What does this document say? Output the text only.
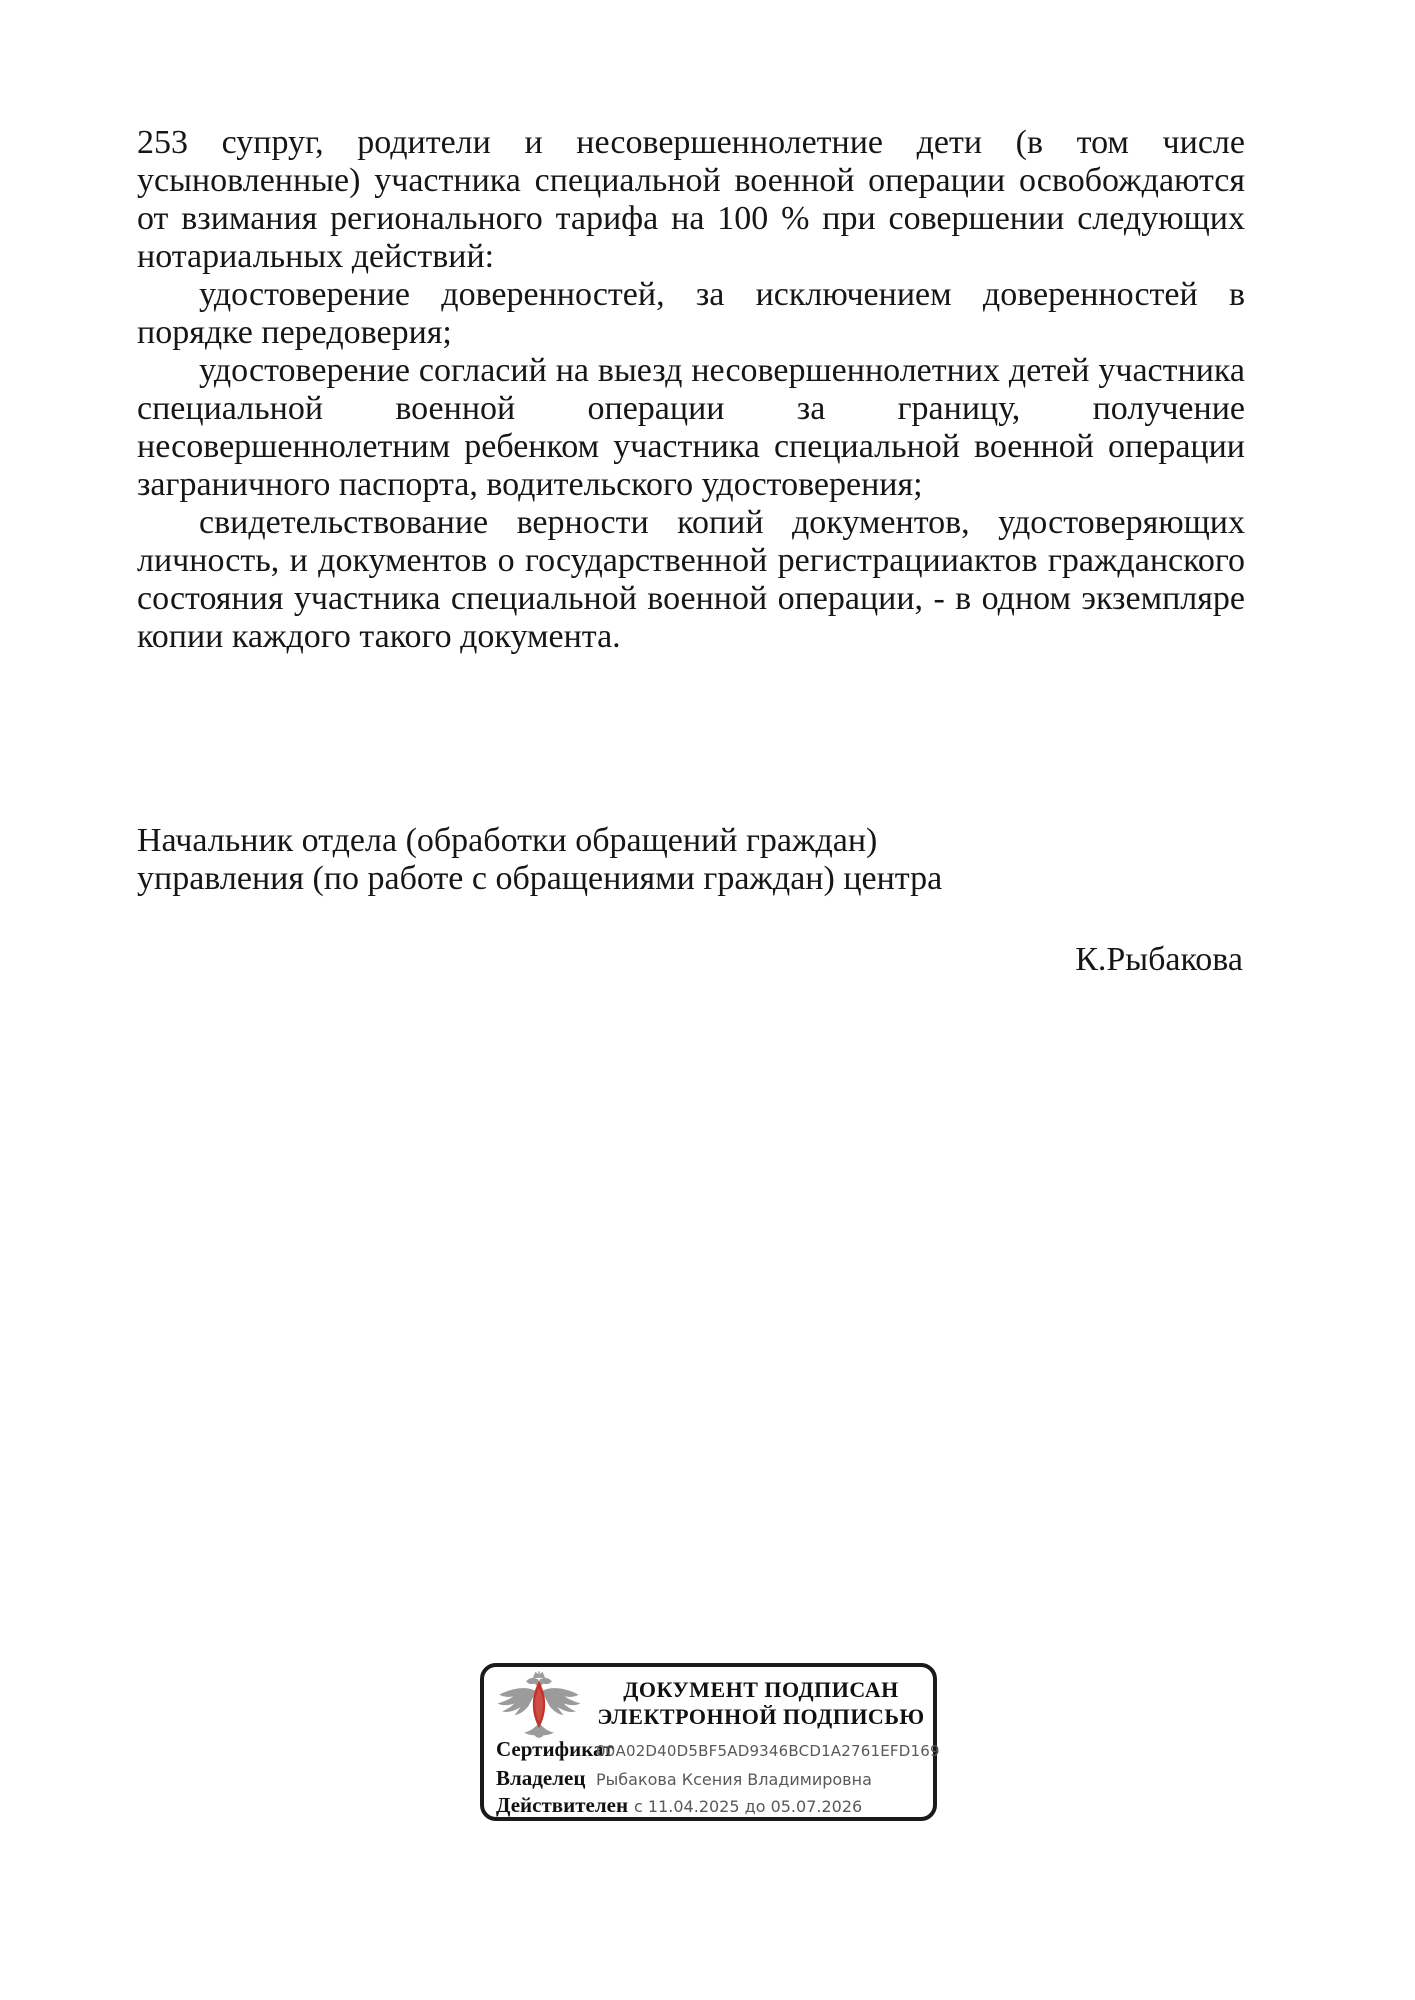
253 супруг, родители и несовершеннолетние дети (в том числе усыновленные) участника специальной военной операции освобождаются от взимания регионального тарифа на 100 % при совершении следующих нотариальных действий:

удостоверение доверенностей, за исключением доверенностей в порядке передоверия;

удостоверение согласий на выезд несовершеннолетних детей участника специальной военной операции за границу, получение несовершеннолетним ребенком участника специальной военной операции заграничного паспорта, водительского удостоверения;

свидетельствование верности копий документов, удостоверяющих личность, и документов о государственной регистрацииактов гражданского состояния участника специальной военной операции, - в одном экземпляре копии каждого такого документа.

Начальник отдела (обработки обращений граждан)
управления (по работе с обращениями граждан) центра
К.Рыбакова
ДОКУМЕНТ ПОДПИСАН
ЭЛЕКТРОННОЙ ПОДПИСЬЮ
Сертификат
00A02D40D5BF5AD9346BCD1A2761EFD169
Владелец Рыбакова Ксения Владимировна
Действителен с 11.04.2025 до 05.07.2026
